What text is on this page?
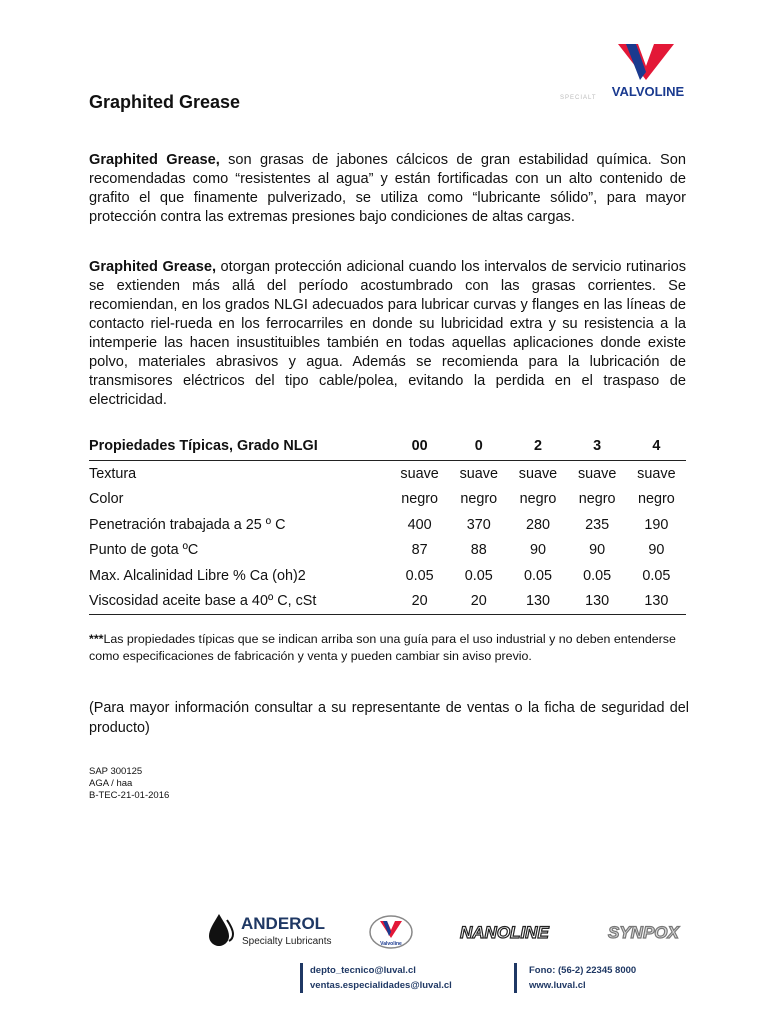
Graphited Grease
VALVOLINE
SPECIALT

Graphited Grease, son grasas de jabones cálcicos de gran estabilidad química. Son recomendadas como “resistentes al agua” y están fortificadas con un alto contenido de grafito el que finamente pulverizado, se utiliza como “lubricante sólido”, para mayor protección contra las extremas presiones bajo condiciones de altas cargas.

Graphited Grease, otorgan protección adicional cuando los intervalos de servicio rutinarios se extienden más allá del período acostumbrado con las grasas corrientes. Se recomiendan, en los grados NLGI adecuados para lubricar curvas y flanges en las líneas de contacto riel-rueda en los ferrocarriles en donde su lubricidad extra y su resistencia a la intemperie las hacen insustituibles también en todas aquellas aplicaciones donde existe polvo, materiales abrasivos y agua. Además se recomienda para la lubricación de transmisores eléctricos del tipo cable/polea, evitando la perdida en el traspaso de electricidad.

Propiedades Típicas, Grado NLGI	00	0	2	3	4
Textura	suave	suave	suave	suave	suave
Color	negro	negro	negro	negro	negro
Penetración trabajada a 25 º C	400	370	280	235	190
Punto de gota ºC	87	88	90	90	90
Max. Alcalinidad Libre % Ca (oh)2	0.05	0.05	0.05	0.05	0.05
Viscosidad aceite base a 40º C, cSt	20	20	130	130	130

***Las propiedades típicas que se indican arriba son una guía para el uso industrial y no deben entenderse como especificaciones de fabricación y venta y pueden cambiar sin aviso previo.

(Para mayor información consultar a su representante de ventas o la ficha de seguridad del producto)

SAP 300125
AGA / haa
B-TEC-21-01-2016
ANDEROL
Specialty Lubricants	Valvoline
NANOLINE	SYNPOX
depto_tecnico@luval.cl
ventas.especialidades@luval.cl
Fono: (56-2) 22345 8000
www.luval.cl
